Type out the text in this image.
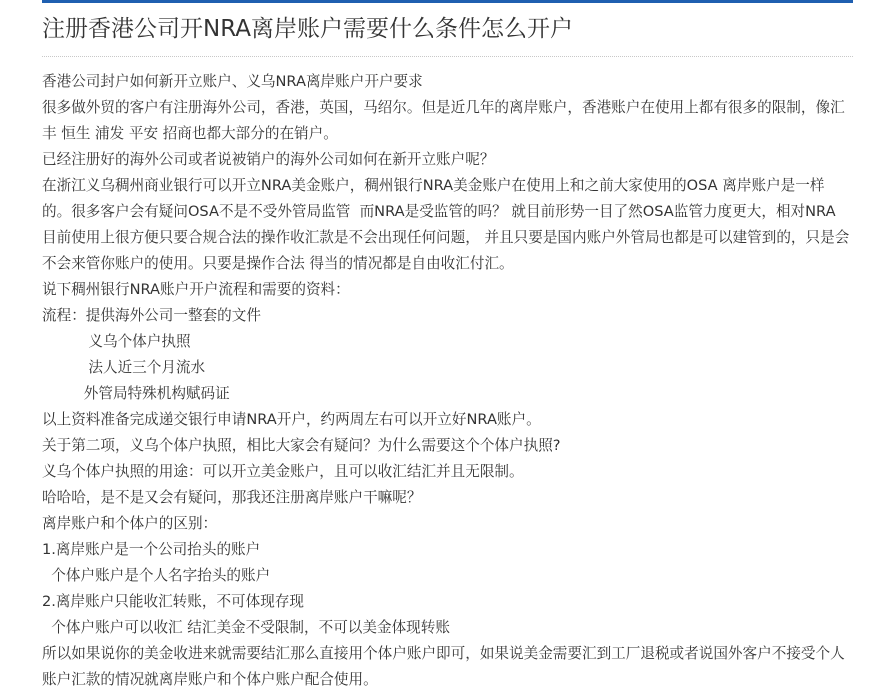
注册香港公司开NRA离岸账户需要什么条件怎么开户

香港公司封户如何新开立账户、义乌NRA离岸账户开户要求

很多做外贸的客户有注册海外公司，香港，英国，马绍尔。但是近几年的离岸账户，香港账户在使用上都有很多的限制，像汇丰 恒生 浦发 平安 招商也都大部分的在销户。

已经注册好的海外公司或者说被销户的海外公司如何在新开立账户呢？

在浙江义乌稠州商业银行可以开立NRA美金账户，稠州银行NRA美金账户在使用上和之前大家使用的OSA 离岸账户是一样的。很多客户会有疑问OSA不是不受外管局监管  而NRA是受监管的吗？ 就目前形势一目了然OSA监管力度更大，相对NRA 目前使用上很方便只要合规合法的操作收汇款是不会出现任何问题， 并且只要是国内账户外管局也都是可以建管到的，只是会不会来管你账户的使用。只要是操作合法 得当的情况都是自由收汇付汇。

说下稠州银行NRA账户开户流程和需要的资料：

流程：提供海外公司一整套的文件

义乌个体户执照

法人近三个月流水

外管局特殊机构赋码证

以上资料准备完成递交银行申请NRA开户，约两周左右可以开立好NRA账户。

关于第二项，义乌个体户执照，相比大家会有疑问？为什么需要这个个体户执照?

义乌个体户执照的用途：可以开立美金账户，且可以收汇结汇并且无限制。

哈哈哈，是不是又会有疑问，那我还注册离岸账户干嘛呢？

离岸账户和个体户的区别：

1.离岸账户是一个公司抬头的账户

个体户账户是个人名字抬头的账户

2.离岸账户只能收汇转账，不可体现存现

个体户账户可以收汇 结汇美金不受限制，不可以美金体现转账

所以如果说你的美金收进来就需要结汇那么直接用个体户账户即可，如果说美金需要汇到工厂退税或者说国外客户不接受个人账户汇款的情况就离岸账户和个体户账户配合使用。
